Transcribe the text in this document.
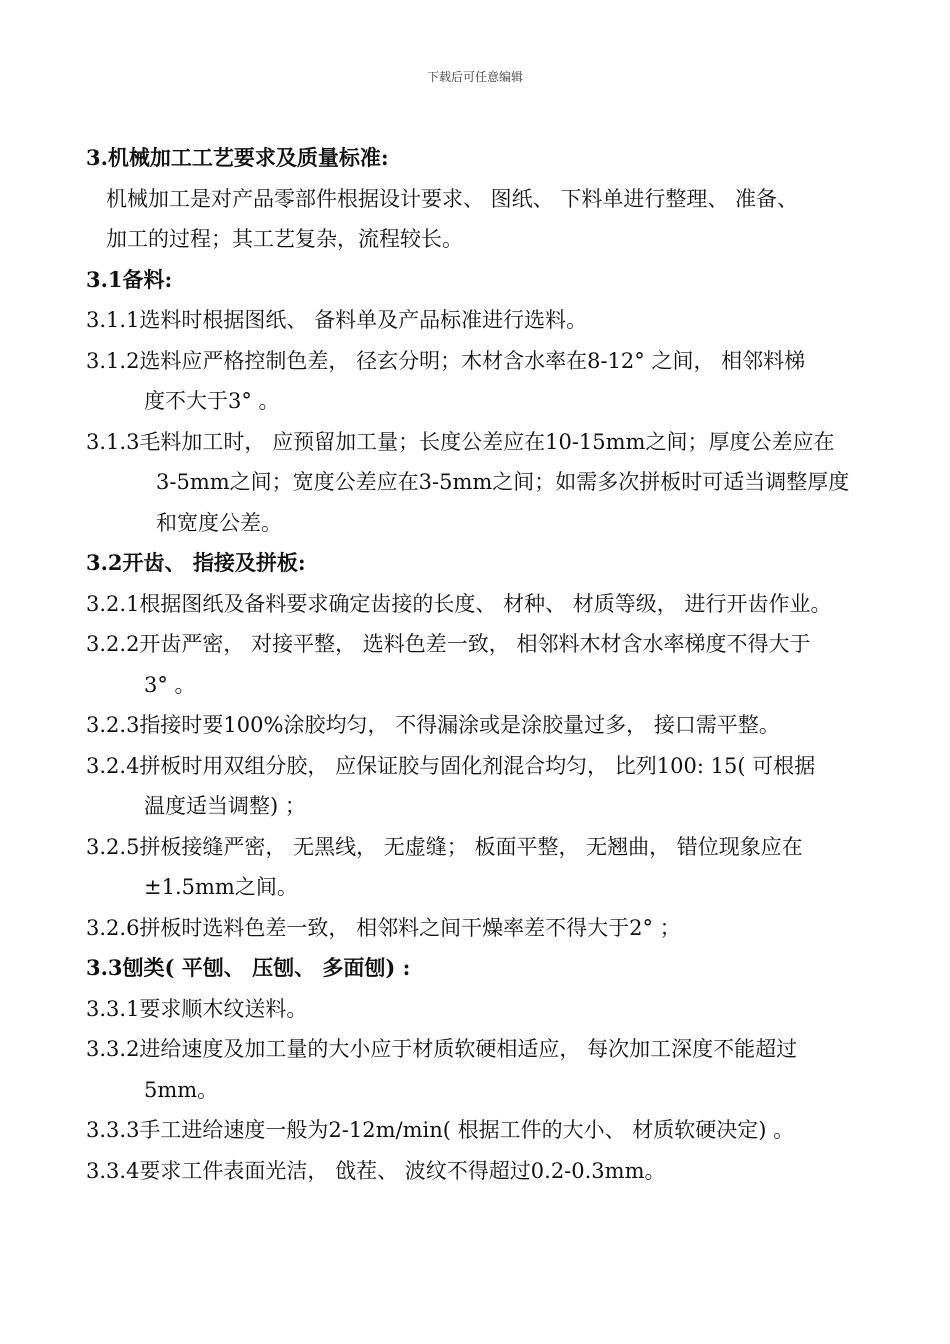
下载后可任意编辑
3.机械加工工艺要求及质量标准:
机械加工是对产品零部件根据设计要求、 图纸、 下料单进行整理、 准备、
加工的过程；其工艺复杂，流程较长。
3.1备料:
3.1.1选料时根据图纸、 备料单及产品标准进行选料。
3.1.2选料应严格控制色差， 径玄分明；木材含水率在8-12° 之间， 相邻料梯
度不大于3° 。
3.1.3毛料加工时， 应预留加工量；长度公差应在10-15mm之间；厚度公差应在
3-5mm之间；宽度公差应在3-5mm之间；如需多次拼板时可适当调整厚度
和宽度公差。
3.2开齿、 指接及拼板:
3.2.1根据图纸及备料要求确定齿接的长度、 材种、 材质等级， 进行开齿作业。
3.2.2开齿严密， 对接平整， 选料色差一致， 相邻料木材含水率梯度不得大于
3° 。
3.2.3指接时要100%涂胶均匀， 不得漏涂或是涂胶量过多， 接口需平整。
3.2.4拼板时用双组分胶， 应保证胶与固化剂混合均匀， 比列100: 15( 可根据
温度适当调整) ；
3.2.5拼板接缝严密， 无黑线， 无虚缝； 板面平整， 无翘曲， 错位现象应在
±1.5mm之间。
3.2.6拼板时选料色差一致， 相邻料之间干燥率差不得大于2° ；
3.3刨类( 平刨、 压刨、 多面刨) :
3.3.1要求顺木纹送料。
3.3.2进给速度及加工量的大小应于材质软硬相适应， 每次加工深度不能超过
5mm。
3.3.3手工进给速度一般为2-12m/min( 根据工件的大小、 材质软硬决定) 。
3.3.4要求工件表面光洁， 戗茬、 波纹不得超过0.2-0.3mm。
